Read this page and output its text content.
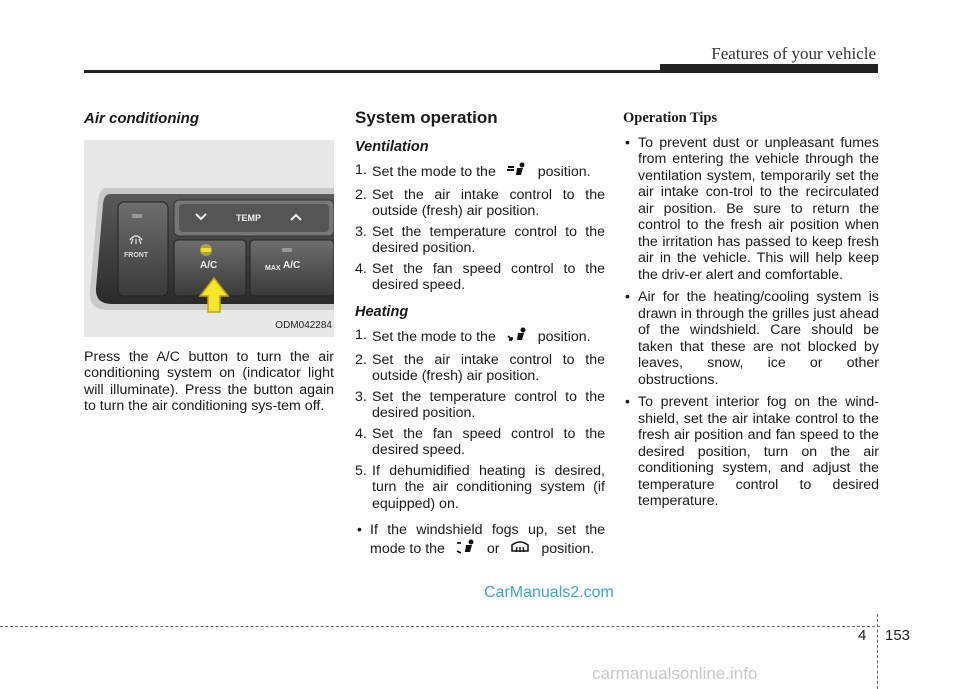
Features of your vehicle
Air conditioning
TEMP
FRONT
A/C	MAX A/C
ODM042284

Press the A/C button to turn the air conditioning system on (indicator light will illuminate). Press the button again to turn the air conditioning sys-tem off.

System operation
Ventilation
1. Set the mode to the	position.
2. Set the air intake control to the outside (fresh) air position.
3. Set the temperature control to the desired position.
4. Set the fan speed control to the desired speed.
Heating
1. Set the mode to the	position.
2. Set the air intake control to the outside (fresh) air position.
3. Set the temperature control to the desired position.
4. Set the fan speed control to the desired speed.
5. If dehumidified heating is desired, turn the air conditioning system (if equipped) on.
• If the windshield fogs up, set the mode to the	or	position.
Operation Tips
• To prevent dust or unpleasant fumes from entering the vehicle through the ventilation system, temporarily set the air intake con-trol to the recirculated air position. Be sure to return the control to the fresh air position when the irritation has passed to keep fresh air in the vehicle. This will help keep the driv-er alert and comfortable.
• Air for the heating/cooling system is drawn in through the grilles just ahead of the windshield. Care should be taken that these are not blocked by leaves, snow, ice or other obstructions.
• To prevent interior fog on the wind-shield, set the air intake control to the fresh air position and fan speed to the desired position, turn on the air conditioning system, and adjust the temperature control to desired temperature.
CarManuals2.com
4 153
carmanualsonline.info
